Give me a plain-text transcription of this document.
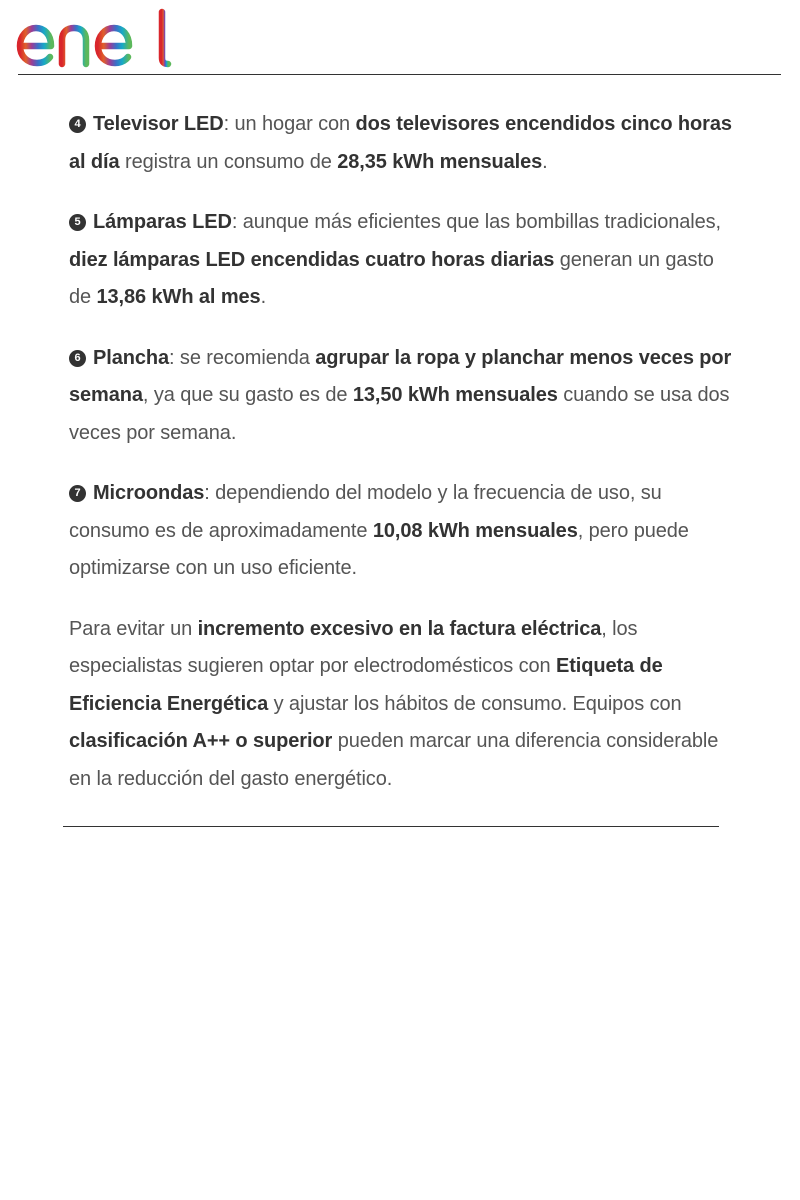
4 Televisor LED: un hogar con dos televisores encendidos cinco horas al día registra un consumo de 28,35 kWh mensuales.

5 Lámparas LED: aunque más eficientes que las bombillas tradicionales, diez lámparas LED encendidas cuatro horas diarias generan un gasto de 13,86 kWh al mes.

6 Plancha: se recomienda agrupar la ropa y planchar menos veces por semana, ya que su gasto es de 13,50 kWh mensuales cuando se usa dos veces por semana.

7 Microondas: dependiendo del modelo y la frecuencia de uso, su consumo es de aproximadamente 10,08 kWh mensuales, pero puede optimizarse con un uso eficiente.

Para evitar un incremento excesivo en la factura eléctrica, los especialistas sugieren optar por electrodomésticos con Etiqueta de Eficiencia Energética y ajustar los hábitos de consumo. Equipos con clasificación A++ o superior pueden marcar una diferencia considerable en la reducción del gasto energético.
